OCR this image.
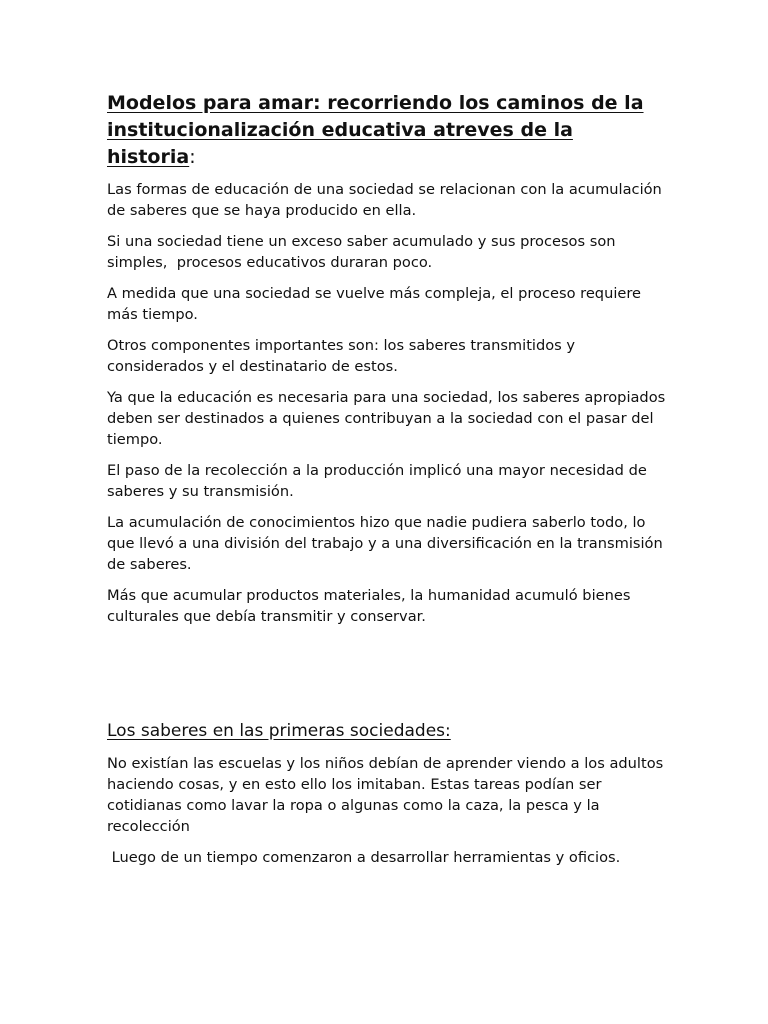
Modelos para amar: recorriendo los caminos de la institucionalización educativa atreves de la historia:

Las formas de educación de una sociedad se relacionan con la acumulación de saberes que se haya producido en ella.

Si una sociedad tiene un exceso saber acumulado y sus procesos son simples,  procesos educativos duraran poco.

A medida que una sociedad se vuelve más compleja, el proceso requiere más tiempo.

Otros componentes importantes son: los saberes transmitidos y considerados y el destinatario de estos.

Ya que la educación es necesaria para una sociedad, los saberes apropiados deben ser destinados a quienes contribuyan a la sociedad con el pasar del tiempo.

El paso de la recolección a la producción implicó una mayor necesidad de saberes y su transmisión.

La acumulación de conocimientos hizo que nadie pudiera saberlo todo, lo que llevó a una división del trabajo y a una diversificación en la transmisión de saberes.

Más que acumular productos materiales, la humanidad acumuló bienes culturales que debía transmitir y conservar.

Los saberes en las primeras sociedades:

No existían las escuelas y los niños debían de aprender viendo a los adultos haciendo cosas, y en esto ello los imitaban. Estas tareas podían ser cotidianas como lavar la ropa o algunas como la caza, la pesca y la recolección

Luego de un tiempo comenzaron a desarrollar herramientas y oficios.
